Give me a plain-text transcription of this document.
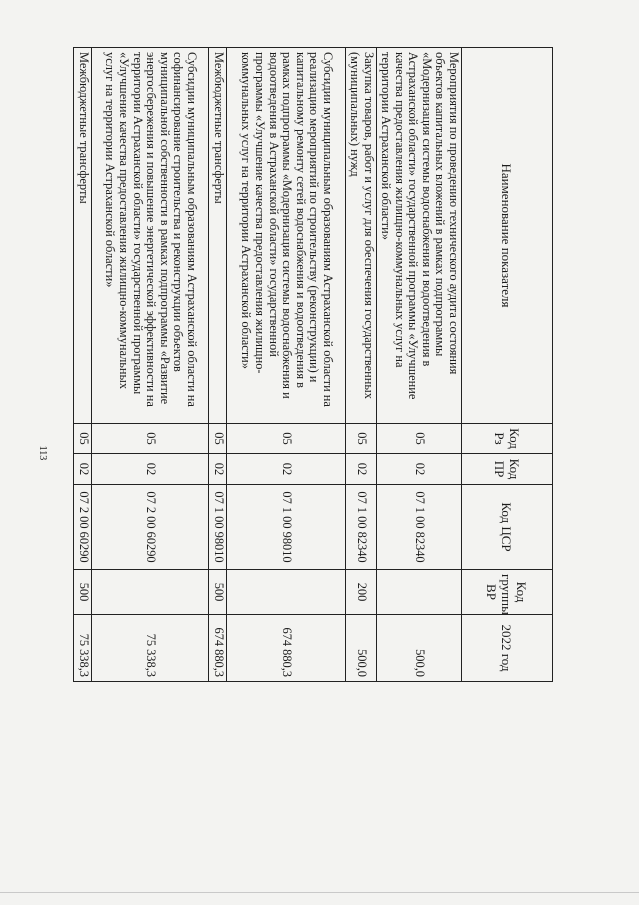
113
Наименование показателя	Код Рз	Код ПР	Код ЦСР	Код группы ВР	2022 год
Мероприятия по проведению технического аудита состояния объектов капитальных вложений в рамках подпрограммы «Модернизация системы водоснабжения и водоотведения в Астраханской области» государственной программы «Улучшение качества предоставления жилищно-коммунальных услуг на территории Астраханской области»	05	02	07 1 00 82340		500,0
Закупка товаров, работ и услуг для обеспечения государственных (муниципальных) нужд	05	02	07 1 00 82340	200	500,0
Субсидии муниципальным образованиям Астраханской области на реализацию мероприятий по строительству (реконструкции) и капитальному ремонту сетей водоснабжения и водоотведения в рамках подпрограммы «Модернизация системы водоснабжения и водоотведения в Астраханской области» государственной программы «Улучшение качества предоставления жилищно-коммунальных услуг на территории Астраханской области»	05	02	07 1 00 98010		674 880,3
Межбюджетные трансферты	05	02	07 1 00 98010	500	674 880,3
Субсидии муниципальным образованиям Астраханской области на софинансирование строительства и реконструкции объектов муниципальной собственности в рамках подпрограммы «Развитие энергосбережения и повышение энергетической эффективности на территории Астраханской области» государственной программы «Улучшение качества предоставления жилищно-коммунальных услуг на территории Астраханской области»	05	02	07 2 00 60290		75 338,3
Межбюджетные трансферты	05	02	07 2 00 60290	500	75 338,3
